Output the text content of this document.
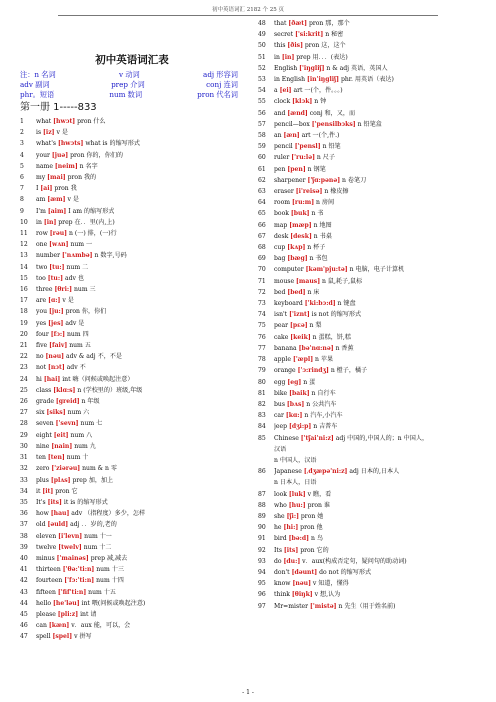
初中英语词汇 2182 个 25 页
初中英语词汇表
注：n 名词	v 动词	adj 形容词
adv 副词	prep 介词	conj 连词
phr。短语	num 数词	pron 代名词
第一册 1-----833
1	what [hwɔt] pron 什么
2	is [iz] v 是
3	what's [hwɔts] what is 的缩写形式
4	your [juə] pron 你的，你们的
5	name [neim] n 名字
6	my [mai] pron 我的
7	I [ai] pron 我
8	am [æm] v 是
9	I'm [aim] I am 的缩写形式
10	in [in] prep 在．．里(内,上)
11	row [rəu] n (一) 排，(一)行
12	one [wʌn] num 一
13	number ['nʌmbə] n 数字,号码
14	two [tu:] num 二
15	too [tu:] adv 也
16	three [θri:] num 三
17	are [ɑ:] v 是
18	you [ju:] pron 你，你们
19	yes [jes] adv 是
20	four [fɔ:] num 四
21	five [faiv] num 五
22	no [nəu] adv & adj 不，不是
23	not [nɔt] adv 不
24	hi [hai] int 嗨（问候或唤起注意）
25	class [klɑ:s] n (学校里的）班级,年级
26	grade [greid] n 年级
27	six [siks] num 六
28	seven ['sevn] num 七
29	eight [eit] num 八
30	nine [nain] num 九
31	ten [ten] num 十
32	zero ['ziərəu] num & n 零
33	plus [plʌs] prep 加，加上
34	it [it] pron 它
35	It's [its] it is 的缩写形式
36	how [hau] adv （指程度）多少，怎样
37	old [əuld] adj ．．岁的,老的
38	eleven [i'levn] num 十一
39	twelve [twelv] num 十二
40	minus ['mainəs] prep 减,减去
41	thirteen ['θə:'ti:n] num 十三
42	fourteen ['fɔ:'ti:n] num 十四
43	fifteen ['fif'ti:n] num 十五
44	hello [he'ləu] int 喂(问候或唤起注意)
45	please [pli:z] int 请
46	can [kæn] v．aux 能，可以，会
47	spell [spel] v 拼写
48	that [ðæt] pron 那，那个
49	secret ['si:krit] n 秘密
50	this [ðis] pron 这，这个
51	in [in] prep 用．．．(表达)
52	English ['iŋgliʃ] n & adj 英语，英国人
53	in English [in'iŋgliʃ] phr. 用英语（表达)
54	a [ei] art 一(个，件。。。)
55	clock [klɔk] n 钟
56	and [ænd] conj 和，又，而
57	pencil—box ['pensilbɔks] n 铅笔盒
58	an [æn] art 一(个,件.)
59	pencil ['pensl] n 铅笔
60	ruler ['ru:lə] n 尺子
61	pen [pen] n 钢笔
62	sharpener ['ʃɑ:pənə] n 卷笔刀
63	eraser [i'reisə] n 橡皮擦
64	room [ru:m] n 房间
65	book [buk] n 书
66	map [mæp] n 地图
67	desk [desk] n 书桌
68	cup [kʌp] n 杯子
69	bag [bæg] n 书包
70	computer [kəm'pju:tə] n 电脑，电子计算机
71	mouse [maus] n 鼠,耗子,鼠标
72	bed [bed] n 床
73	keyboard ['ki:bɔ:d] n 键盘
74	isn't ['iznt] is not 的缩写形式
75	pear [pɛə] n 梨
76	cake [keik] n 蛋糕，饼,糕
77	banana [bə'nɑ:nə] n 香蕉
78	apple ['æpl] n 苹果
79	orange ['ɔ:rindʒ] n 橙子，橘子
80	egg [eg] n 蛋
81	bike [baik] n 自行车
82	bus [bʌs] n 公共汽车
83	car [kɑ:] n 汽车,小汽车
84	jeep [dʒi:p] n 吉普车
85	Chinese ['tʃai'ni:z] adj 中国的,中国人的；n 中国人，
汉语
n 中国人，汉语
86	Japanese [ˌdʒæpə'ni:z] adj 日本的,日本人
n 日本人，日语
87	look [luk] v 瞧，看
88	who [hu:] pron 谁
89	she [ʃi:] pron 她
90	he [hi:] pron 他
91	bird [bə:d] n 鸟
92	Its [its] pron 它的
93	do [du:] v．aux(构成否定句，疑问句的助动词)
94	don't [dəunt] do not 的缩写形式
95	know [nəu] v 知道，懂得
96	think [θiŋk] v 想,认为
97	Mr=mister ['mistə] n 先生（用于姓名前)
- 1 -
